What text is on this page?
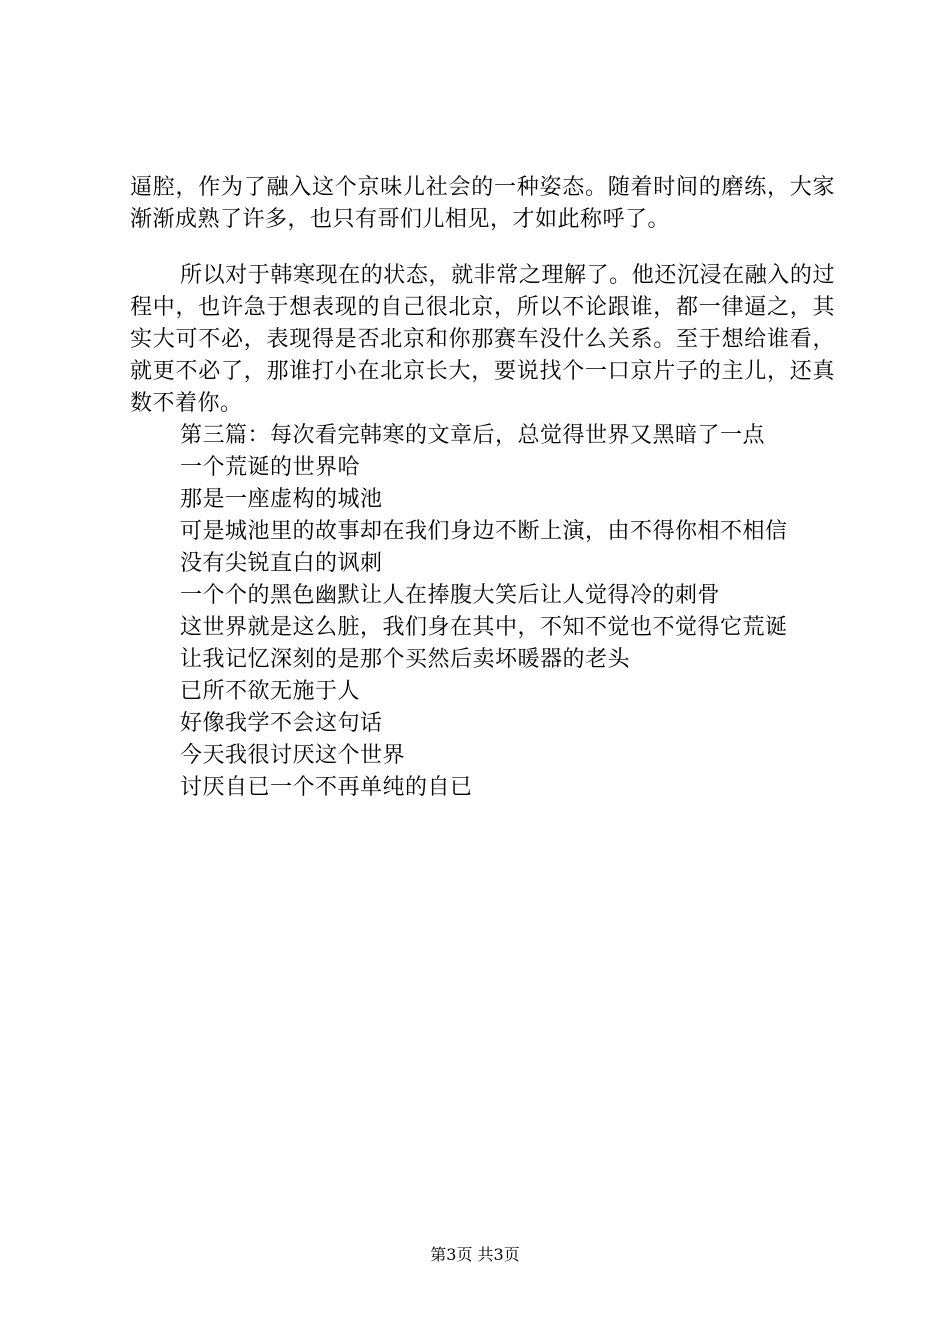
逼腔，作为了融入这个京味儿社会的一种姿态。随着时间的磨练，大家渐渐成熟了许多，也只有哥们儿相见，才如此称呼了。

所以对于韩寒现在的状态，就非常之理解了。他还沉浸在融入的过程中，也许急于想表现的自己很北京，所以不论跟谁，都一律逼之，其实大可不必，表现得是否北京和你那赛车没什么关系。至于想给谁看，就更不必了，那谁打小在北京长大，要说找个一口京片子的主儿，还真数不着你。

第三篇：每次看完韩寒的文章后，总觉得世界又黑暗了一点

一个荒诞的世界哈

那是一座虚构的城池

可是城池里的故事却在我们身边不断上演，由不得你相不相信

没有尖锐直白的讽刺

一个个的黑色幽默让人在捧腹大笑后让人觉得冷的刺骨

这世界就是这么脏，我们身在其中，不知不觉也不觉得它荒诞

让我记忆深刻的是那个买然后卖坏暖器的老头

已所不欲无施于人

好像我学不会这句话

今天我很讨厌这个世界

讨厌自已一个不再单纯的自已

第3页 共3页
